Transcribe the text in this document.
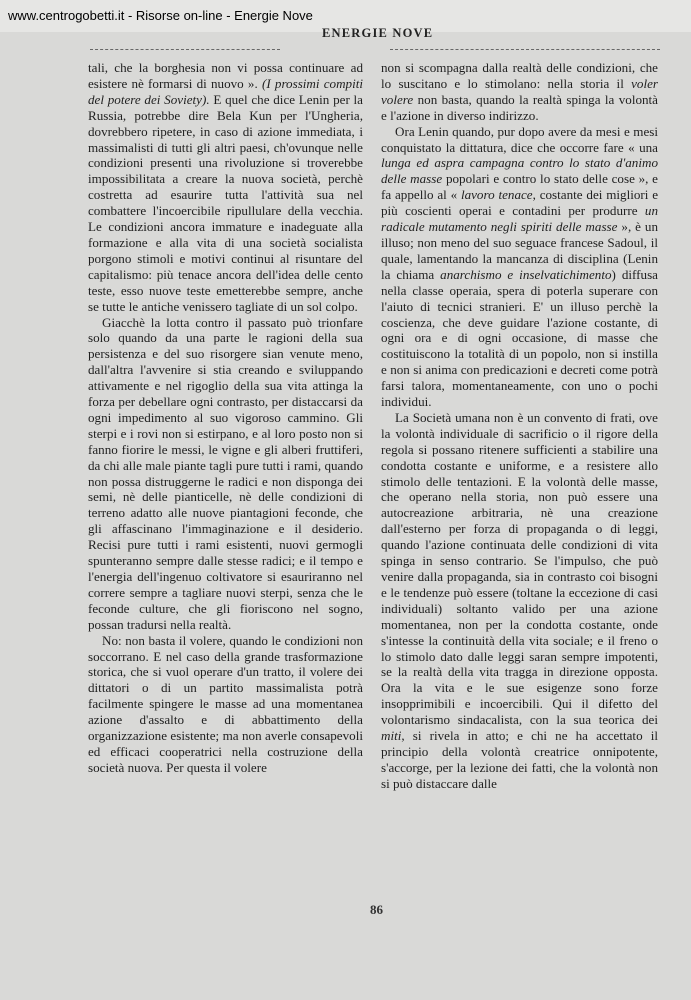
www.centrogobetti.it - Risorse on-line - Energie Nove
ENERGIE NOVE

tali, che la borghesia non vi possa continuare ad esistere nè formarsi di nuovo ». (I prossimi compiti del potere dei Soviety). E quel che dice Lenin per la Russia, potrebbe dire Bela Kun per l'Ungheria, dovrebbero ripetere, in caso di azione immediata, i massimalisti di tutti gli altri paesi, ch'ovunque nelle condizioni presenti una rivoluzione si troverebbe impossibilitata a creare la nuova società, perchè costretta ad esaurire tutta l'attività sua nel combattere l'incoercibile ripullulare della vecchia. Le condizioni ancora immature e inadeguate alla formazione e alla vita di una società socialista porgono stimoli e motivi continui al risuntare del capitalismo: più tenace ancora dell'idea delle cento teste, esso nuove teste emetterebbe sempre, anche se tutte le antiche venissero tagliate di un sol colpo.

Giacchè la lotta contro il passato può trionfare solo quando da una parte le ragioni della sua persistenza e del suo risorgere sian venute meno, dall'altra l'avvenire si stia creando e sviluppando attivamente e nel rigoglio della sua vita attinga la forza per debellare ogni contrasto, per distaccarsi da ogni impedimento al suo vigoroso cammino. Gli sterpi e i rovi non si estirpano, e al loro posto non si fanno fiorire le messi, le vigne e gli alberi fruttiferi, da chi alle male piante tagli pure tutti i rami, quando non possa distruggerne le radici e non disponga dei semi, nè delle pianticelle, nè delle condizioni di terreno adatto alle nuove piantagioni feconde, che gli affascinano l'immaginazione e il desiderio. Recisi pure tutti i rami esistenti, nuovi germogli spunteranno sempre dalle stesse radici; e il tempo e l'energia dell'ingenuo coltivatore si esauriranno nel correre sempre a tagliare nuovi sterpi, senza che le feconde culture, che gli fioriscono nel sogno, possan tradursi nella realtà.

No: non basta il volere, quando le condizioni non soccorrano. E nel caso della grande trasformazione storica, che si vuol operare d'un tratto, il volere dei dittatori o di un partito massimalista potrà facilmente spingere le masse ad una momentanea azione d'assalto e di abbattimento della organizzazione esistente; ma non averle consapevoli ed efficaci cooperatrici nella costruzione della società nuova. Per questa il volere

non si scompagna dalla realtà delle condizioni, che lo suscitano e lo stimolano: nella storia il voler volere non basta, quando la realtà spinga la volontà e l'azione in diverso indirizzo.

Ora Lenin quando, pur dopo avere da mesi e mesi conquistato la dittatura, dice che occorre fare « una lunga ed aspra campagna contro lo stato d'animo delle masse popolari e contro lo stato delle cose », e fa appello al « lavoro tenace, costante dei migliori e più coscienti operai e contadini per produrre un radicale mutamento negli spiriti delle masse », è un illuso; non meno del suo seguace francese Sadoul, il quale, lamentando la mancanza di disciplina (Lenin la chiama anarchismo e inselvatichimento) diffusa nella classe operaia, spera di poterla superare con l'aiuto di tecnici stranieri. E' un illuso perchè la coscienza, che deve guidare l'azione costante, di ogni ora e di ogni occasione, di masse che costituiscono la totalità di un popolo, non si instilla e non si anima con predicazioni e decreti come potrà farsi talora, momentaneamente, con uno o pochi individui.

La Società umana non è un convento di frati, ove la volontà individuale di sacrificio o il rigore della regola si possano ritenere sufficienti a stabilire una condotta costante e uniforme, e a resistere allo stimolo delle tentazioni. E la volontà delle masse, che operano nella storia, non può essere una autocreazione arbitraria, nè una creazione dall'esterno per forza di propaganda o di leggi, quando l'azione continuata delle condizioni di vita spinga in senso contrario. Se l'impulso, che può venire dalla propaganda, sia in contrasto coi bisogni e le tendenze può essere (toltane la eccezione di casi individuali) soltanto valido per una azione momentanea, non per la condotta costante, onde s'intesse la continuità della vita sociale; e il freno o lo stimolo dato dalle leggi saran sempre impotenti, se la realtà della vita tragga in direzione opposta. Ora la vita e le sue esigenze sono forze insopprimibili e incoercibili. Qui il difetto del volontarismo sindacalista, con la sua teorica dei miti, si rivela in atto; e chi ne ha accettato il principio della volontà creatrice onnipotente, s'accorge, per la lezione dei fatti, che la volontà non si può distaccare dalle

86
